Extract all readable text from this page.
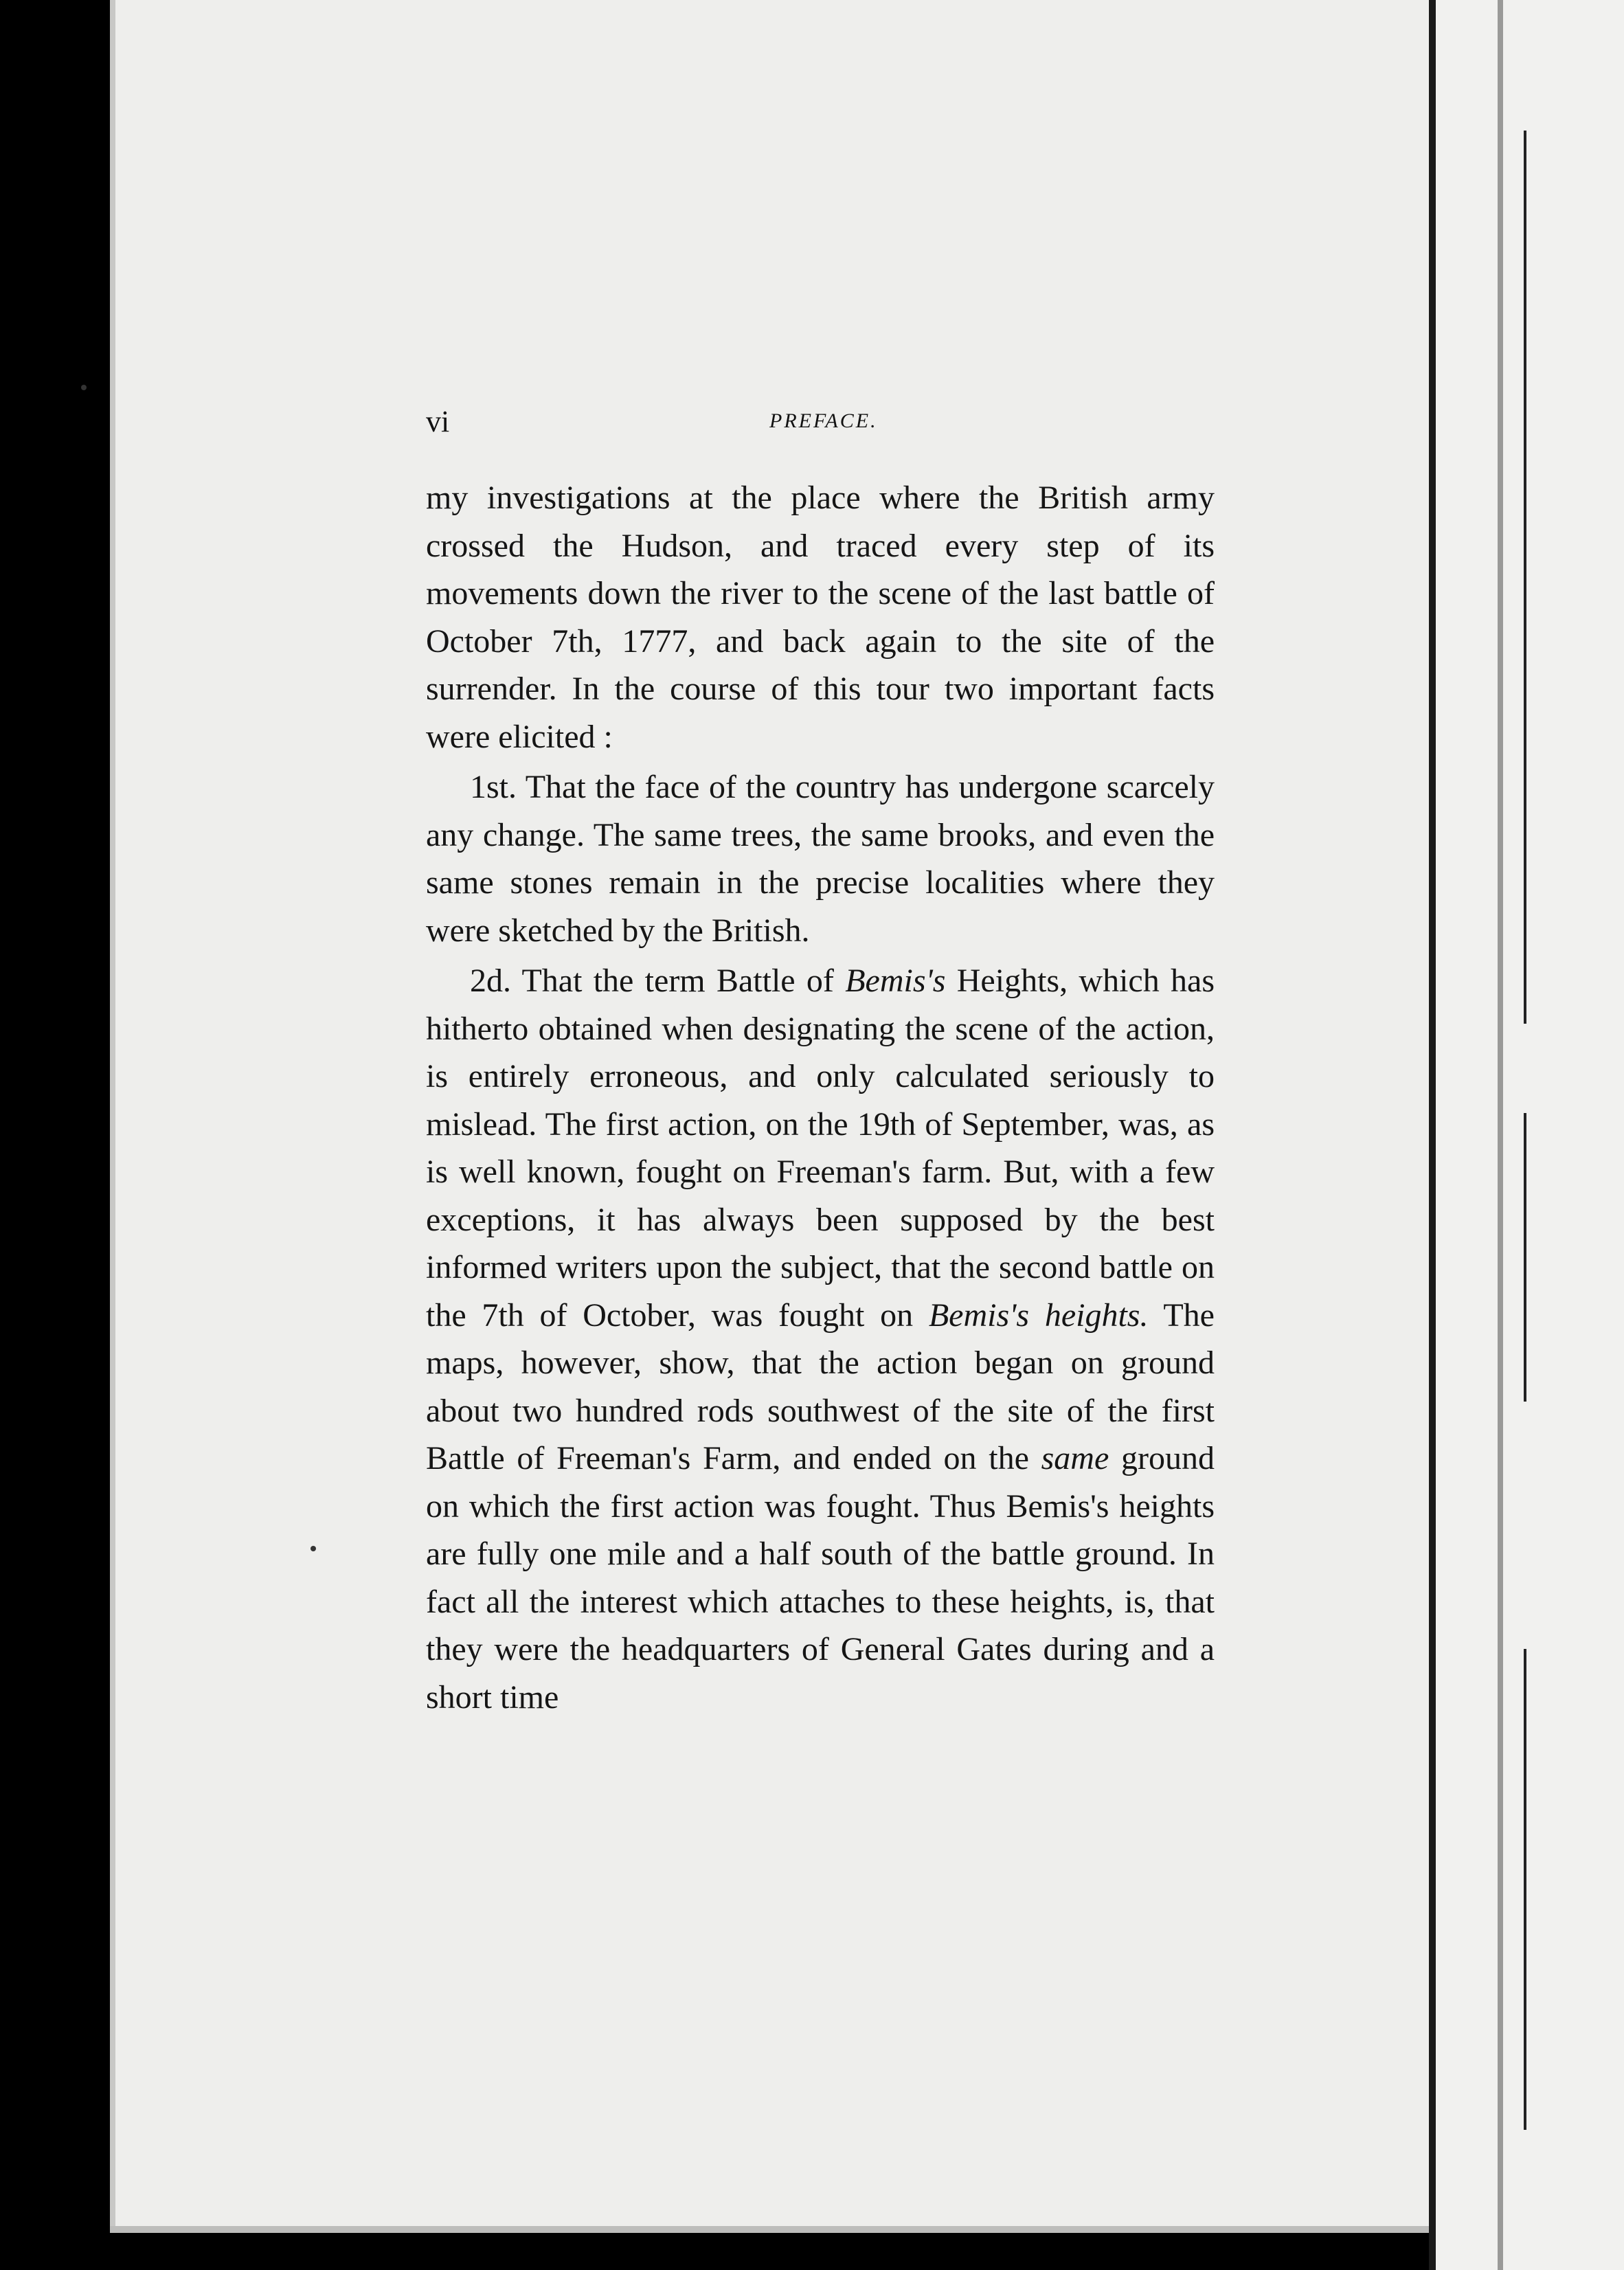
vi	PREFACE.

my investigations at the place where the British army crossed the Hudson, and traced every step of its movements down the river to the scene of the last battle of October 7th, 1777, and back again to the site of the surrender. In the course of this tour two important facts were elicited :

1st. That the face of the country has undergone scarcely any change. The same trees, the same brooks, and even the same stones remain in the precise localities where they were sketched by the British.

2d. That the term Battle of Bemis's Heights, which has hitherto obtained when designating the scene of the action, is entirely erroneous, and only calculated seriously to mislead. The first action, on the 19th of September, was, as is well known, fought on Freeman's farm. But, with a few exceptions, it has always been supposed by the best informed writers upon the subject, that the second battle on the 7th of October, was fought on Bemis's heights. The maps, however, show, that the action began on ground about two hundred rods southwest of the site of the first Battle of Freeman's Farm, and ended on the same ground on which the first action was fought. Thus Bemis's heights are fully one mile and a half south of the battle ground. In fact all the interest which attaches to these heights, is, that they were the headquarters of General Gates during and a short time
